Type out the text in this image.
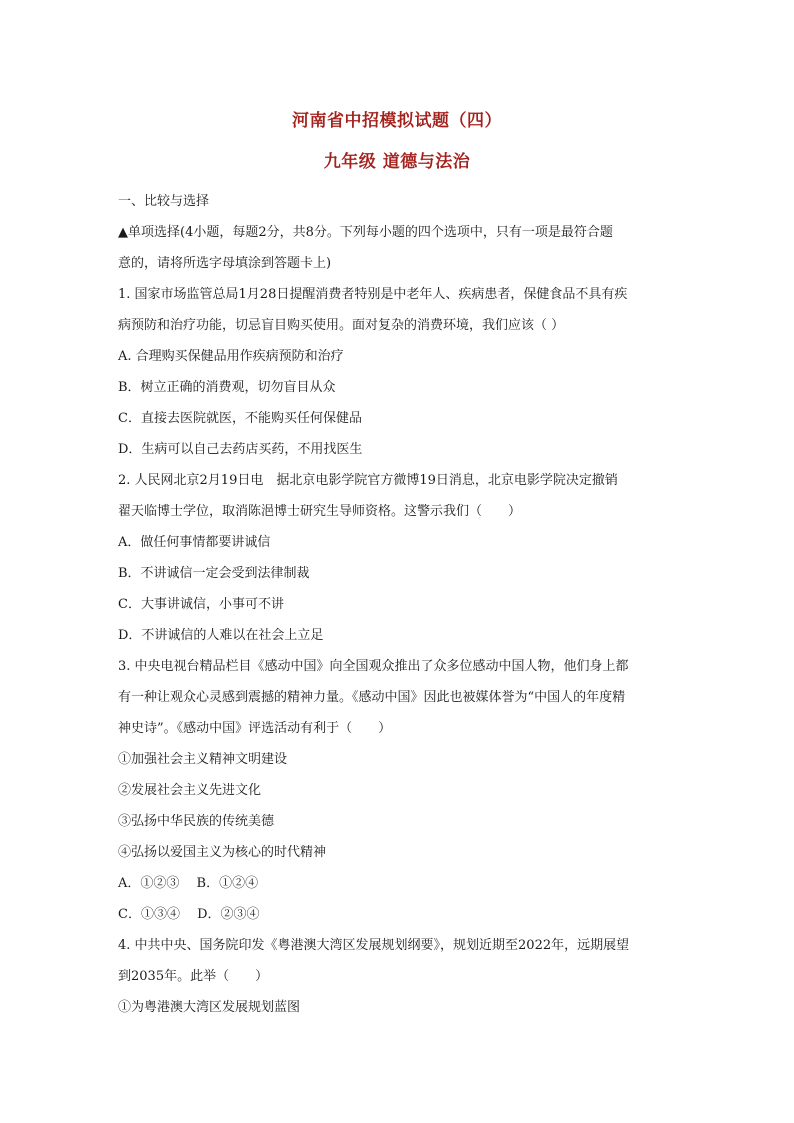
河南省中招模拟试题（四）
九年级 道德与法治
一、比较与选择
▲单项选择(4小题，每题2分，共8分。下列每小题的四个选项中，只有一项是最符合题
意的，请将所选字母填涂到答题卡上)
1. 国家市场监管总局1月28日提醒消费者特别是中老年人、疾病患者，保健食品不具有疾
病预防和治疗功能，切忌盲目购买使用。面对复杂的消费环境，我们应该（ ）
A. 合理购买保健品用作疾病预防和治疗
B．树立正确的消费观，切勿盲目从众
C．直接去医院就医，不能购买任何保健品
D．生病可以自己去药店买药，不用找医生
2. 人民网北京2月19日电　据北京电影学院官方微博19日消息，北京电影学院决定撤销
翟天临博士学位，取消陈浥博士研究生导师资格。这警示我们（　　）
A．做任何事情都要讲诚信
B．不讲诚信一定会受到法律制裁
C．大事讲诚信，小事可不讲
D．不讲诚信的人难以在社会上立足
3. 中央电视台精品栏目《感动中国》向全国观众推出了众多位感动中国人物，他们身上都
有一种让观众心灵感到震撼的精神力量。《感动中国》因此也被媒体誉为“中国人的年度精
神史诗”。《感动中国》评选活动有利于（　　）
①加强社会主义精神文明建设
②发展社会主义先进文化
③弘扬中华民族的传统美德
④弘扬以爱国主义为核心的时代精神
A．①②③　 B．①②④
C．①③④　 D．②③④
4. 中共中央、国务院印发《粤港澳大湾区发展规划纲要》，规划近期至2022年，远期展望
到2035年。此举（　　）
①为粤港澳大湾区发展规划蓝图
